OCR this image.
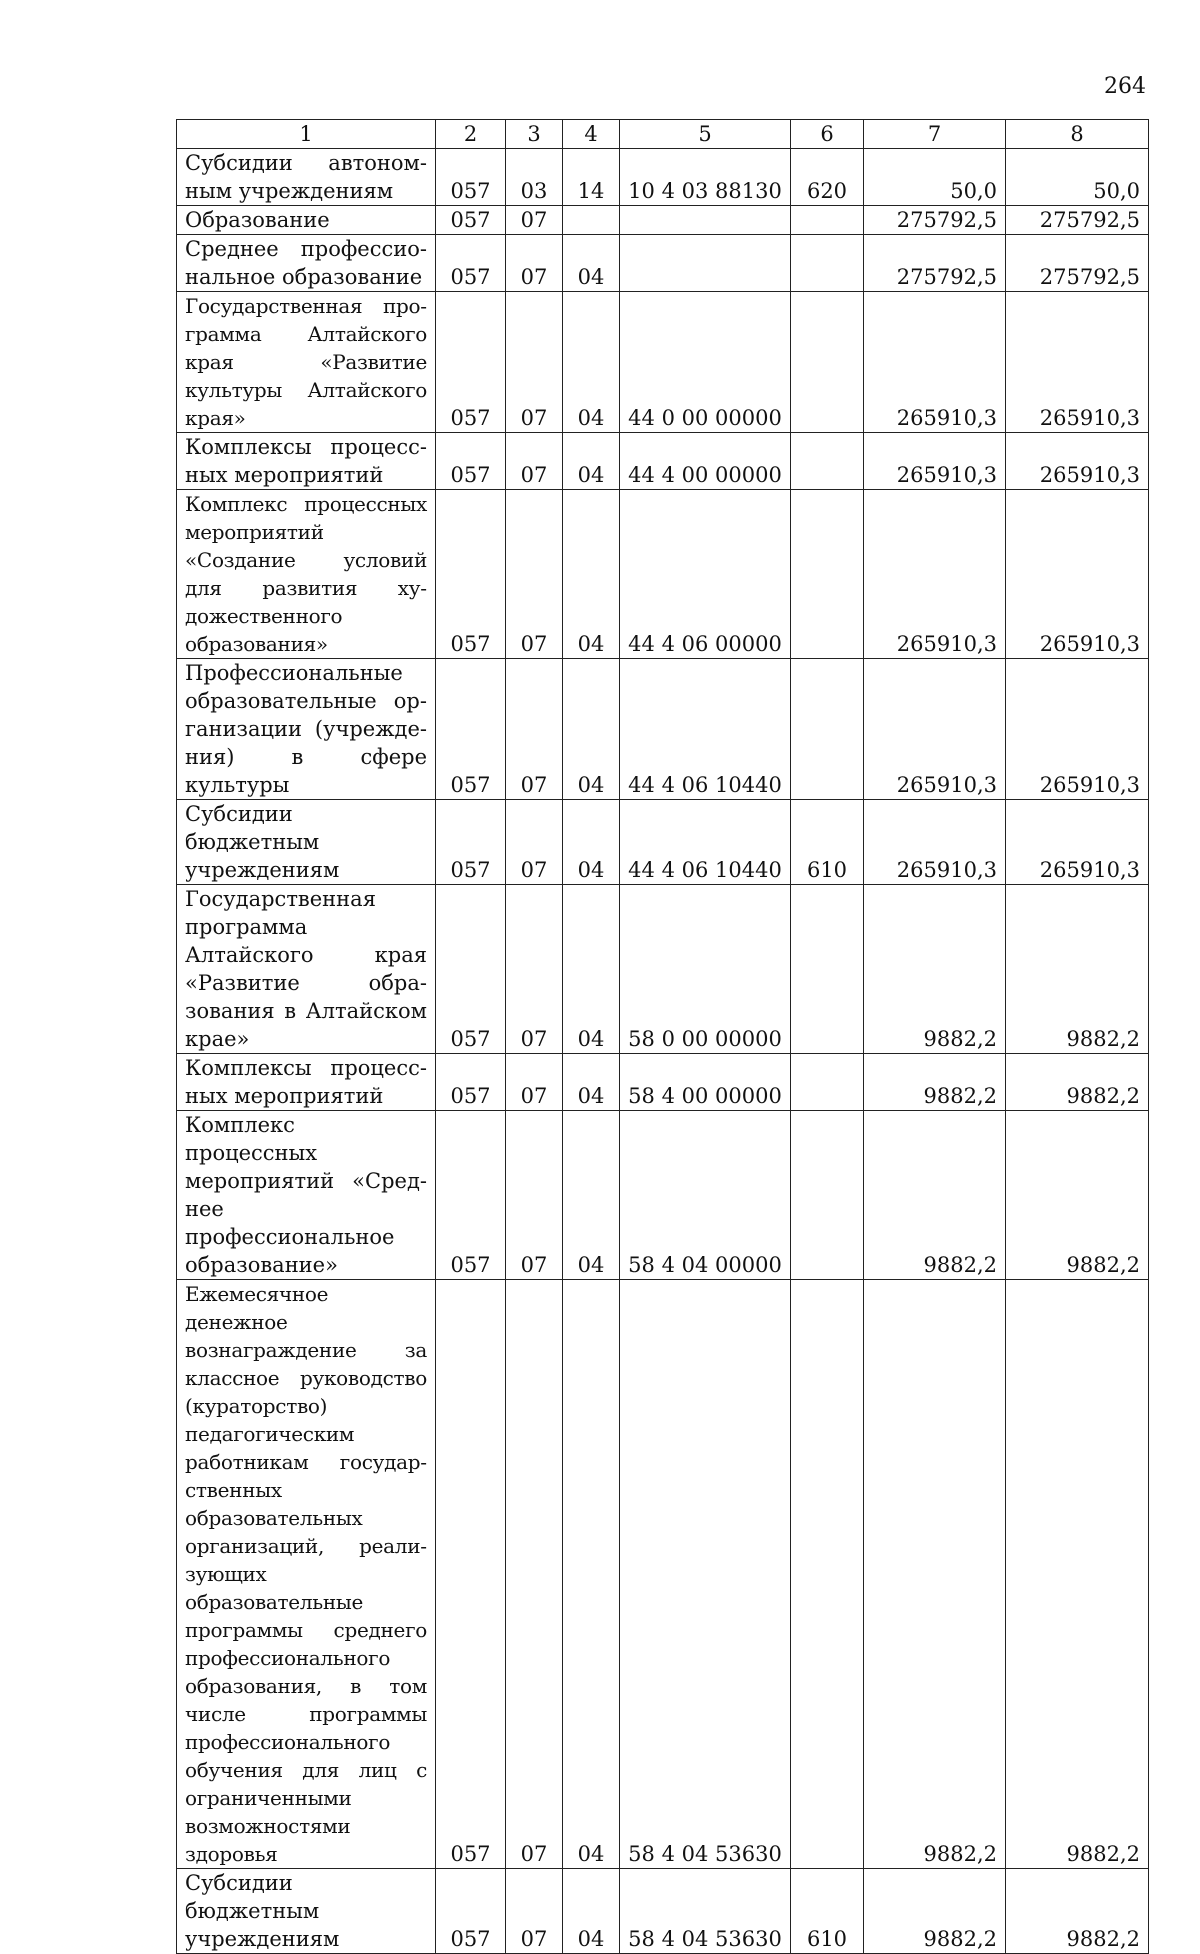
264
1	2	3	4	5	6	7	8
Субсидии автономным учреждениям	057	03	14	10 4 03 88130	620	50,0	50,0
Образование	057	07				275792,5	275792,5
Среднее профессиональное образование	057	07	04			275792,5	275792,5
Государственная программа Алтайского края «Развитие культуры Алтайского края»	057	07	04	44 0 00 00000		265910,3	265910,3
Комплексы процессных мероприятий	057	07	04	44 4 00 00000		265910,3	265910,3
Комплекс процессных мероприятий «Создание условий для развития художественного образования»	057	07	04	44 4 06 00000		265910,3	265910,3
Профессиональные образовательные организации (учреждения) в сфере культуры	057	07	04	44 4 06 10440		265910,3	265910,3
Субсидии бюджетным учреждениям	057	07	04	44 4 06 10440	610	265910,3	265910,3
Государственная программа Алтайского края «Развитие образования в Алтайском крае»	057	07	04	58 0 00 00000		9882,2	9882,2
Комплексы процессных мероприятий	057	07	04	58 4 00 00000		9882,2	9882,2
Комплекс процессных мероприятий «Среднее профессиональное образование»	057	07	04	58 4 04 00000		9882,2	9882,2
Ежемесячное денежное вознаграждение за классное руководство (кураторство) педагогическим работникам государственных образовательных организаций, реализующих образовательные программы среднего профессионального образования, в том числе программы профессионального обучения для лиц с ограниченными возможностями здоровья	057	07	04	58 4 04 53630		9882,2	9882,2
Субсидии бюджетным учреждениям	057	07	04	58 4 04 53630	610	9882,2	9882,2
